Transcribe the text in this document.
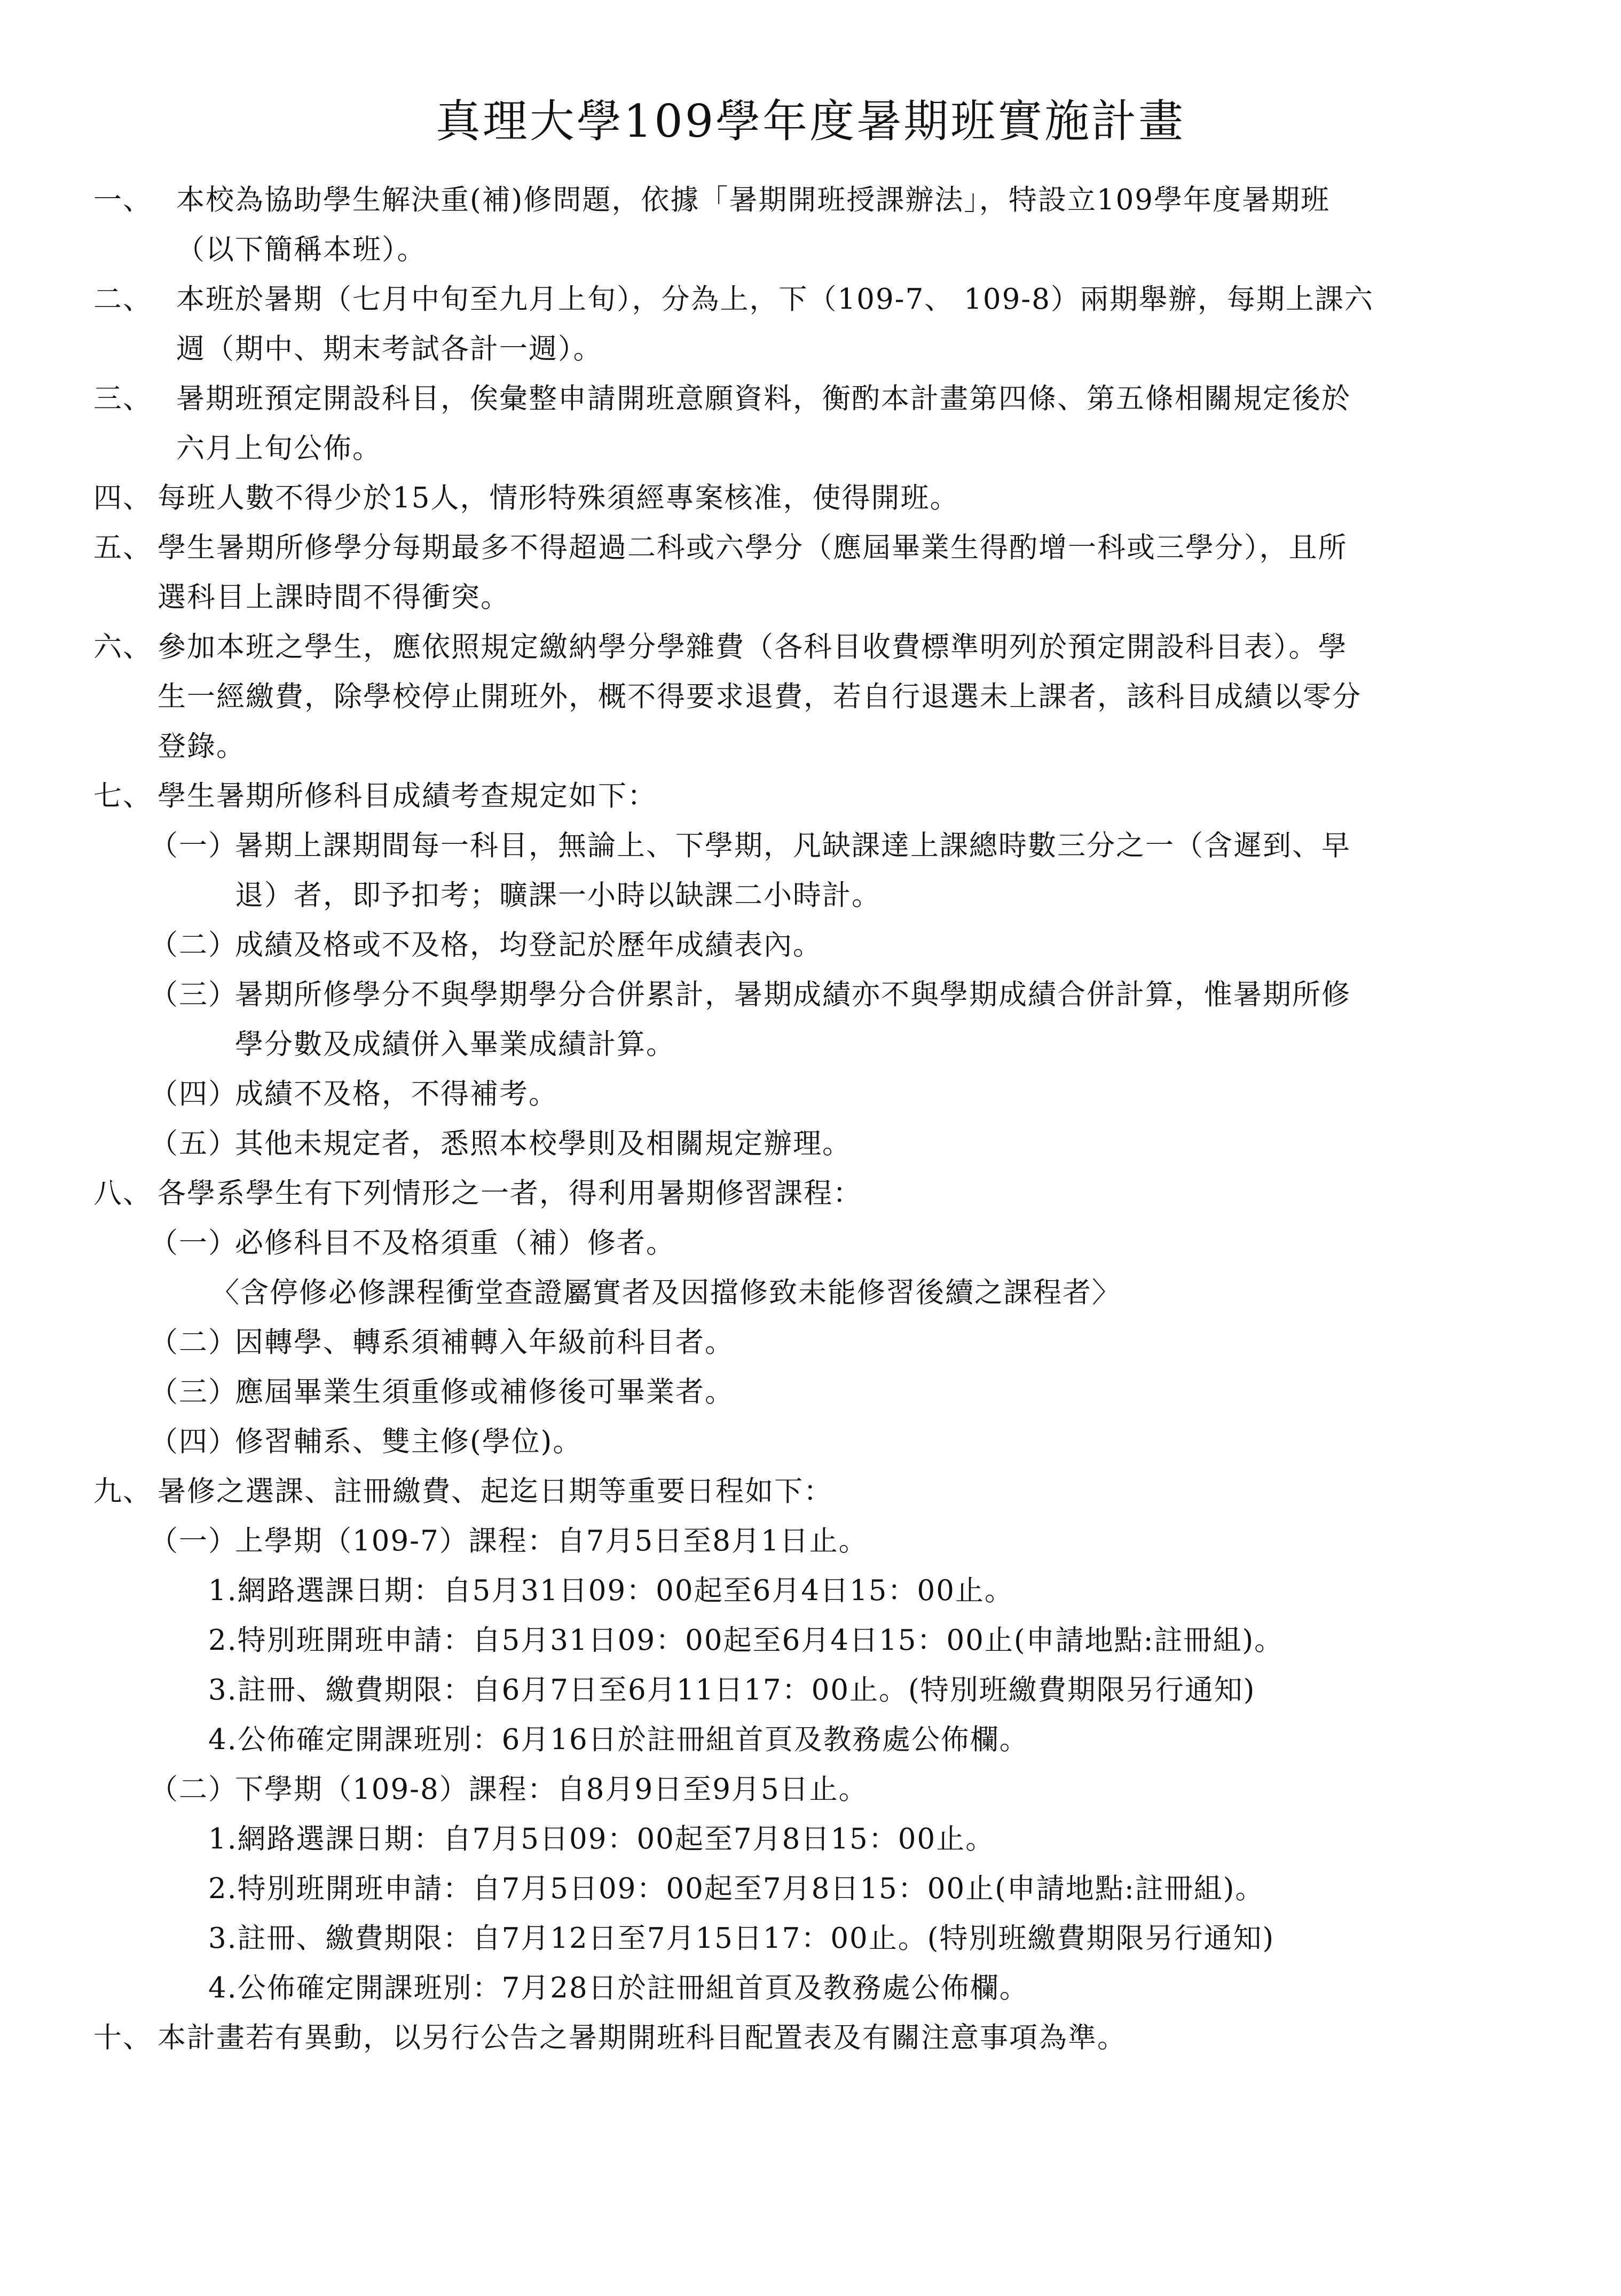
真理大學109學年度暑期班實施計畫
一、 本校為協助學生解決重(補)修問題，依據「暑期開班授課辦法」，特設立109學年度暑期班
（以下簡稱本班）。
二、 本班於暑期（七月中旬至九月上旬），分為上，下（109-7、 109-8）兩期舉辦，每期上課六
週（期中、期末考試各計一週）。
三、 暑期班預定開設科目，俟彙整申請開班意願資料，衡酌本計畫第四條、第五條相關規定後於
六月上旬公佈。
四、 每班人數不得少於15人，情形特殊須經專案核准，使得開班。
五、 學生暑期所修學分每期最多不得超過二科或六學分（應屆畢業生得酌增一科或三學分），且所
選科目上課時間不得衝突。
六、 參加本班之學生，應依照規定繳納學分學雜費（各科目收費標準明列於預定開設科目表）。學
生一經繳費，除學校停止開班外，概不得要求退費，若自行退選未上課者，該科目成績以零分
登錄。
七、 學生暑期所修科目成績考查規定如下：
（一）
暑期上課期間每一科目，無論上、下學期，凡缺課達上課總時數三分之一（含遲到、早
退）者，即予扣考；曠課一小時以缺課二小時計。
（二）
成績及格或不及格，均登記於歷年成績表內。
（三）
暑期所修學分不與學期學分合併累計，暑期成績亦不與學期成績合併計算，惟暑期所修
學分數及成績併入畢業成績計算。
（四）
成績不及格，不得補考。
（五）
其他未規定者，悉照本校學則及相關規定辦理。
八、 各學系學生有下列情形之一者，得利用暑期修習課程：
（一）
必修科目不及格須重（補）修者。
〈含停修必修課程衝堂查證屬實者及因擋修致未能修習後續之課程者〉
（二）
因轉學、轉系須補轉入年級前科目者。
（三）
應屆畢業生須重修或補修後可畢業者。
（四）
修習輔系、雙主修(學位)。
九、 暑修之選課、註冊繳費、起迄日期等重要日程如下：
（一）
上學期（109-7）課程：自7月5日至8月1日止。
1.網路選課日期：自5月31日09：00起至6月4日15：00止。
2.特別班開班申請：自5月31日09：00起至6月4日15：00止(申請地點:註冊組)。
3.註冊、繳費期限：自6月7日至6月11日17：00止。(特別班繳費期限另行通知)
4.公佈確定開課班別：6月16日於註冊組首頁及教務處公佈欄。
（二）
下學期（109-8）課程：自8月9日至9月5日止。
1.網路選課日期：自7月5日09：00起至7月8日15：00止。
2.特別班開班申請：自7月5日09：00起至7月8日15：00止(申請地點:註冊組)。
3.註冊、繳費期限：自7月12日至7月15日17：00止。(特別班繳費期限另行通知)
4.公佈確定開課班別：7月28日於註冊組首頁及教務處公佈欄。
十、 本計畫若有異動，以另行公告之暑期開班科目配置表及有關注意事項為準。
